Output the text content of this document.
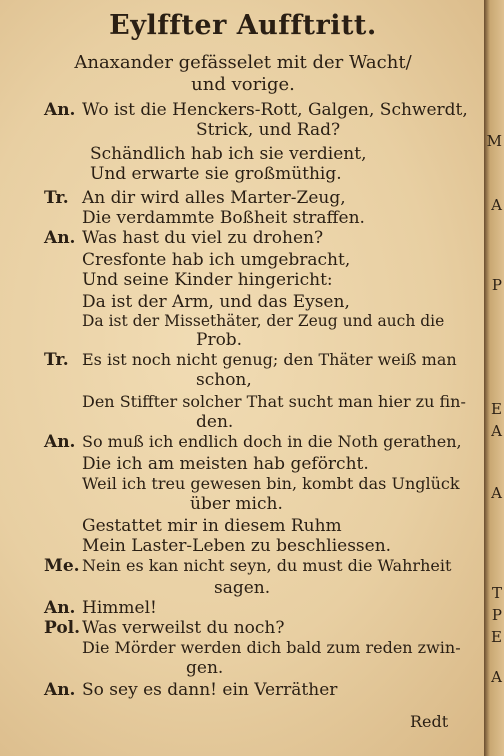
M
A
P
E
A
A
T
P
E
A
Eylffter Aufftritt.
Anaxander gefässelet mit der Wacht/
und vorige.
An.
Tr.
An.
Tr.
An.
Me.
An.
Pol.
An.
Wo ist die Henckers-Rott, Galgen, Schwerdt,
Strick, und Rad?
Schändlich hab ich sie verdient,
Und erwarte sie großmüthig.
An dir wird alles Marter-Zeug,
Die verdammte Boßheit straffen.
Was hast du viel zu drohen?
Cresfonte hab ich umgebracht,
Und seine Kinder hingericht:
Da ist der Arm, und das Eysen,
Da ist der Missethäter, der Zeug und auch die
Prob.
Es ist noch nicht genug; den Thäter weiß man
schon,
Den Stiffter solcher That sucht man hier zu fin-
den.
So muß ich endlich doch in die Noth gerathen,
Die ich am meisten hab geförcht.
Weil ich treu gewesen bin, kombt das Unglück
über mich.
Gestattet mir in diesem Ruhm
Mein Laster-Leben zu beschliessen.
Nein es kan nicht seyn, du must die Wahrheit
sagen.
Himmel!
Was verweilst du noch?
Die Mörder werden dich bald zum reden zwin-
gen.
So sey es dann! ein Verräther
Redt
